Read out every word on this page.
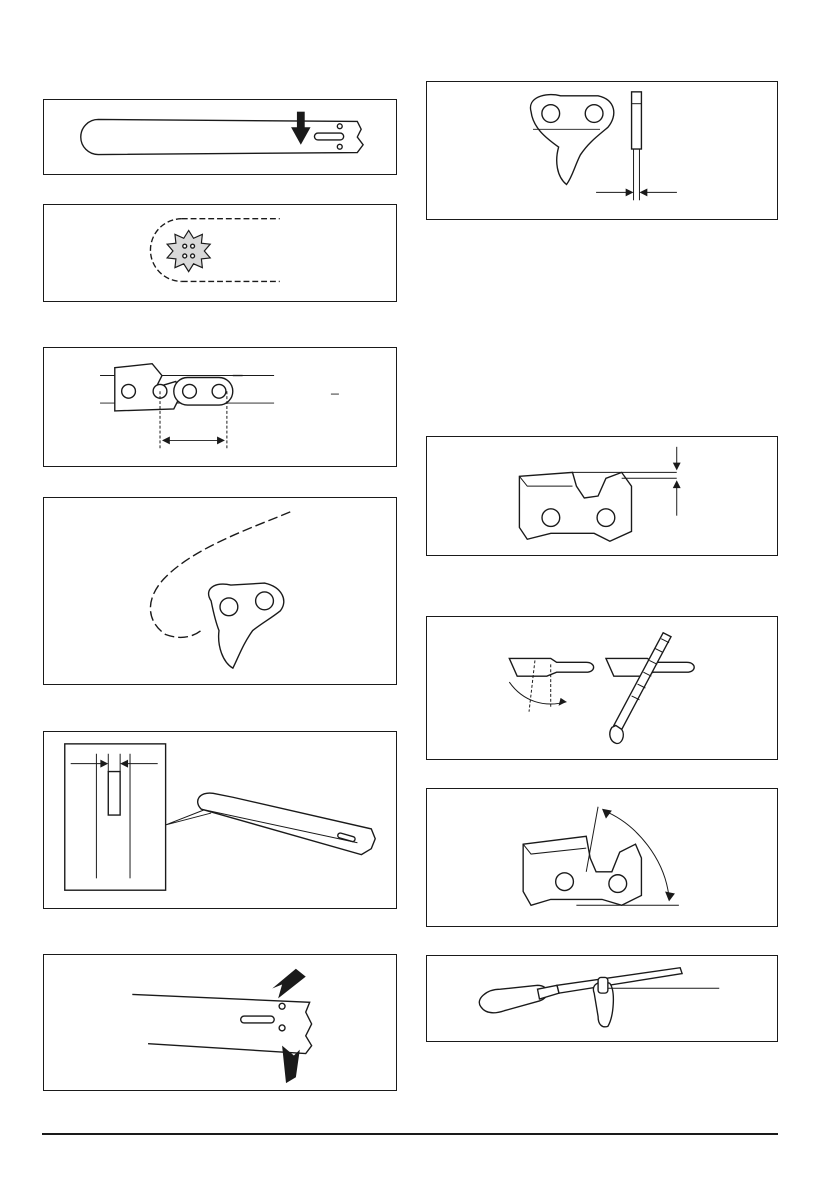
_
